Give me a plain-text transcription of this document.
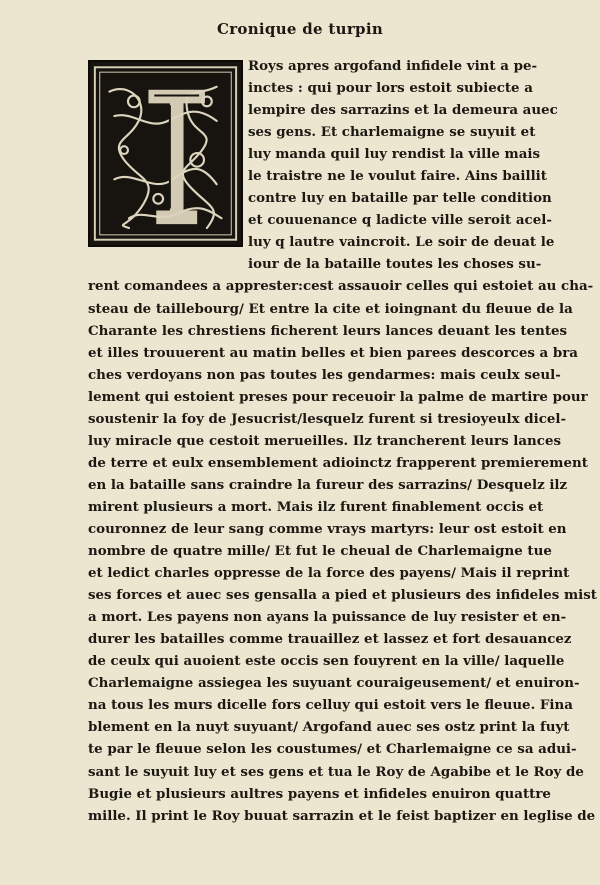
Cronique de turpin
Roys apres argofand infidele vint a pe-
inctes : qui pour lors estoit subiecte a
lempire des sarrazins et la demeura auec
ses gens. Et charlemaigne se suyuit et
luy manda quil luy rendist la ville mais
le traistre ne le voulut faire. Ains baillit
contre luy en bataille par telle condition
et couuenance q ladicte ville seroit acel-
luy q lautre vaincroit. Le soir de deuat le
iour de la bataille toutes les choses su-
rent comandees a apprester:cest assauoir celles qui estoiet au cha-
steau de taillebourg/ Et entre la cite et ioingnant du fleuue de la
Charante les chrestiens ficherent leurs lances deuant les tentes
et illes trouuerent au matin belles et bien parees descorces a bra
ches verdoyans non pas toutes les gendarmes: mais ceulx seul-
lement qui estoient preses pour receuoir la palme de martire pour
soustenir la foy de Jesucrist/lesquelz furent si tresioyeulx dicel-
luy miracle que cestoit merueilles. Ilz trancherent leurs lances
de terre et eulx ensemblement adioinctz frapperent premierement
en la bataille sans craindre la fureur des sarrazins/ Desquelz ilz
mirent plusieurs a mort. Mais ilz furent finablement occis et
couronnez de leur sang comme vrays martyrs: leur ost estoit en
nombre de quatre mille/ Et fut le cheual de Charlemaigne tue
et ledict charles oppresse de la force des payens/ Mais il reprint
ses forces et auec ses gensalla a pied et plusieurs des infideles mist
a mort. Les payens non ayans la puissance de luy resister et en-
durer les batailles comme trauaillez et lassez et fort desauancez
de ceulx qui auoient este occis sen fouyrent en la ville/ laquelle
Charlemaigne assiegea les suyuant couraigeusement/ et enuiron-
na tous les murs dicelle fors celluy qui estoit vers le fleuue. Fina
blement en la nuyt suyuant/ Argofand auec ses ostz print la fuyt
te par le fleuue selon les coustumes/ et Charlemaigne ce sa adui-
sant le suyuit luy et ses gens et tua le Roy de Agabibe et le Roy de
Bugie et plusieurs aultres payens et infideles enuiron quattre
mille. Il print le Roy buuat sarrazin et le feist baptizer en leglise de
